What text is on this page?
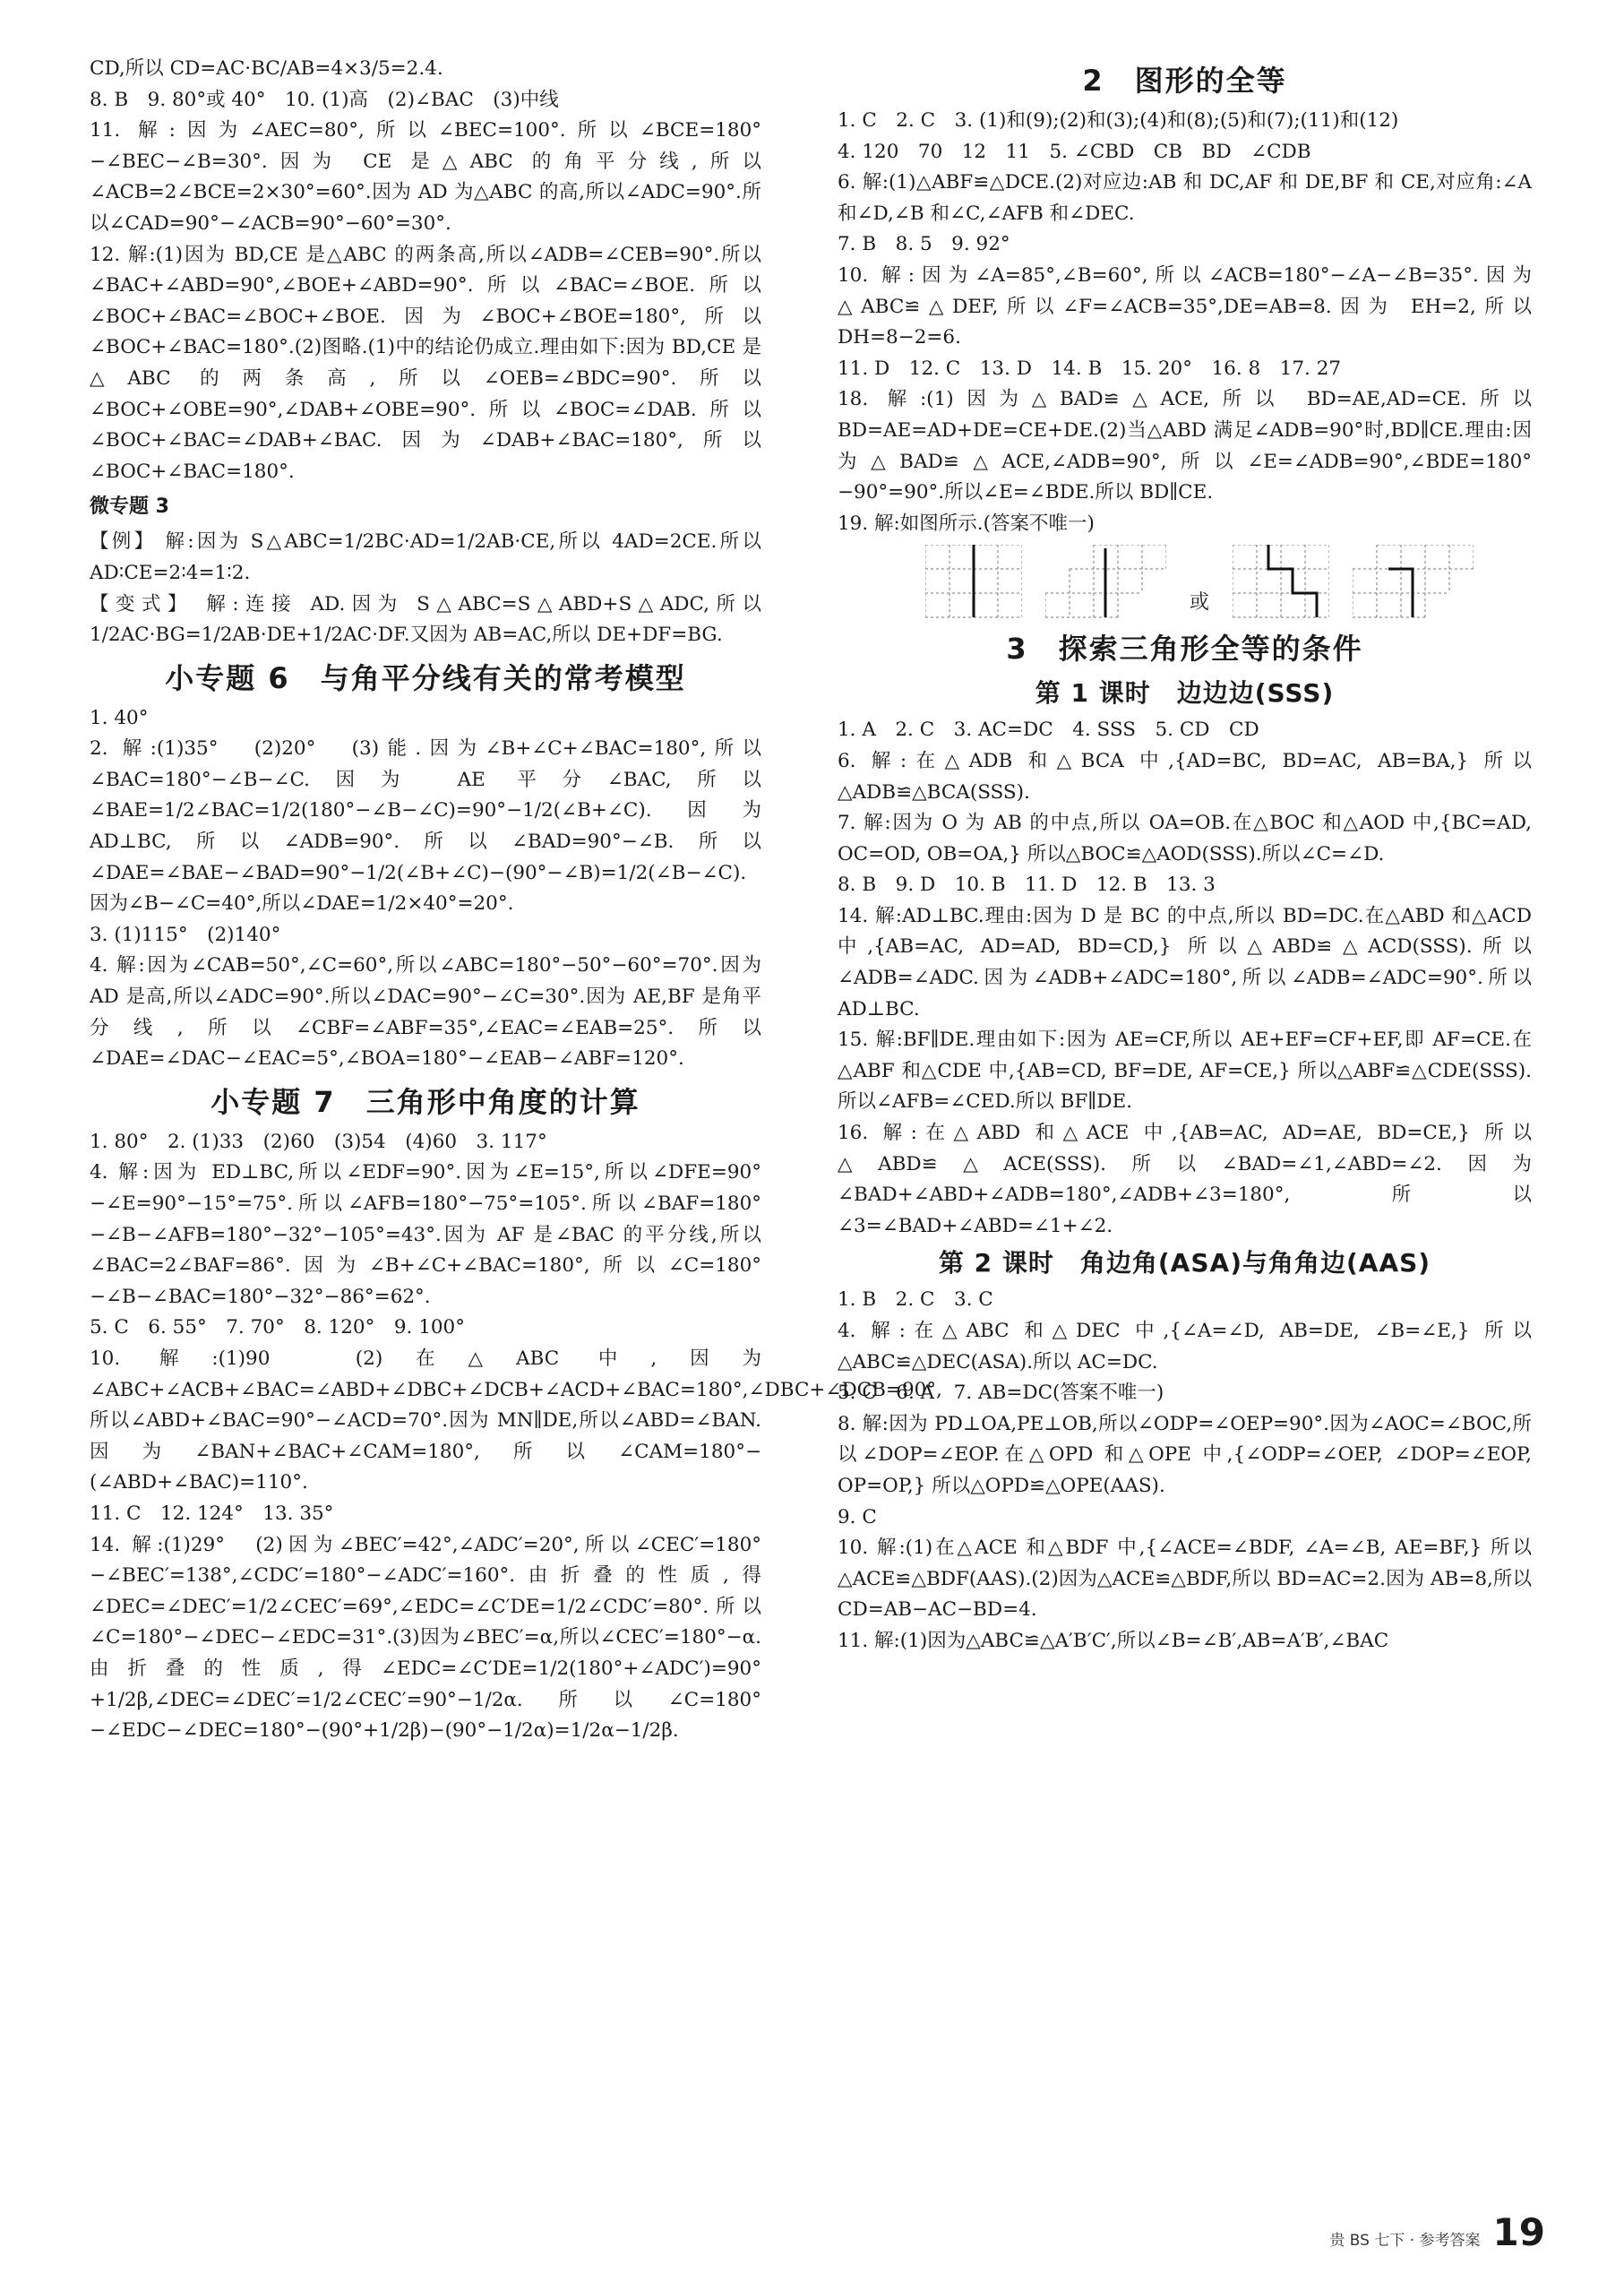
CD,所以 CD=AC·BC/AB=4×3/5=2.4.

8. B　9. 80°或 40°　10. (1)高　(2)∠BAC　(3)中线

11. 解:因为∠AEC=80°,所以∠BEC=100°.所以∠BCE=180°−∠BEC−∠B=30°.因为 CE 是△ABC 的角平分线,所以∠ACB=2∠BCE=2×30°=60°.因为 AD 为△ABC 的高,所以∠ADC=90°.所以∠CAD=90°−∠ACB=90°−60°=30°.

12. 解:(1)因为 BD,CE 是△ABC 的两条高,所以∠ADB=∠CEB=90°.所以∠BAC+∠ABD=90°,∠BOE+∠ABD=90°.所以∠BAC=∠BOE.所以∠BOC+∠BAC=∠BOC+∠BOE.因为∠BOC+∠BOE=180°,所以∠BOC+∠BAC=180°.(2)图略.(1)中的结论仍成立.理由如下:因为 BD,CE 是△ABC 的两条高,所以∠OEB=∠BDC=90°.所以∠BOC+∠OBE=90°,∠DAB+∠OBE=90°.所以∠BOC=∠DAB.所以∠BOC+∠BAC=∠DAB+∠BAC.因为∠DAB+∠BAC=180°,所以∠BOC+∠BAC=180°.

微专题 3

【例】 解:因为 S△ABC=1/2BC·AD=1/2AB·CE,所以 4AD=2CE.所以 AD∶CE=2∶4=1∶2.

【变式】 解:连接 AD.因为 S△ABC=S△ABD+S△ADC,所以 1/2AC·BG=1/2AB·DE+1/2AC·DF.又因为 AB=AC,所以 DE+DF=BG.

小专题 6　与角平分线有关的常考模型

1. 40°

2. 解:(1)35°　(2)20°　(3)能.因为∠B+∠C+∠BAC=180°,所以∠BAC=180°−∠B−∠C.因为 AE 平分∠BAC,所以∠BAE=1/2∠BAC=1/2(180°−∠B−∠C)=90°−1/2(∠B+∠C).因为 AD⊥BC,所以∠ADB=90°.所以∠BAD=90°−∠B.所以∠DAE=∠BAE−∠BAD=90°−1/2(∠B+∠C)−(90°−∠B)=1/2(∠B−∠C).因为∠B−∠C=40°,所以∠DAE=1/2×40°=20°.

3. (1)115°　(2)140°

4. 解:因为∠CAB=50°,∠C=60°,所以∠ABC=180°−50°−60°=70°.因为 AD 是高,所以∠ADC=90°.所以∠DAC=90°−∠C=30°.因为 AE,BF 是角平分线,所以∠CBF=∠ABF=35°,∠EAC=∠EAB=25°.所以∠DAE=∠DAC−∠EAC=5°,∠BOA=180°−∠EAB−∠ABF=120°.

小专题 7　三角形中角度的计算

1. 80°　2. (1)33　(2)60　(3)54　(4)60　3. 117°

4. 解:因为 ED⊥BC,所以∠EDF=90°.因为∠E=15°,所以∠DFE=90°−∠E=90°−15°=75°.所以∠AFB=180°−75°=105°.所以∠BAF=180°−∠B−∠AFB=180°−32°−105°=43°.因为 AF 是∠BAC 的平分线,所以∠BAC=2∠BAF=86°.因为∠B+∠C+∠BAC=180°,所以∠C=180°−∠B−∠BAC=180°−32°−86°=62°.

5. C　6. 55°　7. 70°　8. 120°　9. 100°

10. 解:(1)90　(2)在△ABC 中,因为∠ABC+∠ACB+∠BAC=∠ABD+∠DBC+∠DCB+∠ACD+∠BAC=180°,∠DBC+∠DCB=90°,所以∠ABD+∠BAC=90°−∠ACD=70°.因为 MN∥DE,所以∠ABD=∠BAN.因为∠BAN+∠BAC+∠CAM=180°,所以∠CAM=180°−(∠ABD+∠BAC)=110°.

11. C　12. 124°　13. 35°

14. 解:(1)29°　(2)因为∠BEC′=42°,∠ADC′=20°,所以∠CEC′=180°−∠BEC′=138°,∠CDC′=180°−∠ADC′=160°.由折叠的性质,得∠DEC=∠DEC′=1/2∠CEC′=69°,∠EDC=∠C′DE=1/2∠CDC′=80°.所以∠C=180°−∠DEC−∠EDC=31°.(3)因为∠BEC′=α,所以∠CEC′=180°−α.由折叠的性质,得∠EDC=∠C′DE=1/2(180°+∠ADC′)=90°+1/2β,∠DEC=∠DEC′=1/2∠CEC′=90°−1/2α.所以∠C=180°−∠EDC−∠DEC=180°−(90°+1/2β)−(90°−1/2α)=1/2α−1/2β.

2　图形的全等

1. C　2. C　3. (1)和(9);(2)和(3);(4)和(8);(5)和(7);(11)和(12)

4. 120　70　12　11　5. ∠CBD　CB　BD　∠CDB

6. 解:(1)△ABF≌△DCE.(2)对应边:AB 和 DC,AF 和 DE,BF 和 CE,对应角:∠A 和∠D,∠B 和∠C,∠AFB 和∠DEC.

7. B　8. 5　9. 92°

10. 解:因为∠A=85°,∠B=60°,所以∠ACB=180°−∠A−∠B=35°.因为△ABC≌△DEF,所以∠F=∠ACB=35°,DE=AB=8.因为 EH=2,所以 DH=8−2=6.

11. D　12. C　13. D　14. B　15. 20°　16. 8　17. 27

18. 解:(1)因为△BAD≌△ACE,所以 BD=AE,AD=CE.所以 BD=AE=AD+DE=CE+DE.(2)当△ABD 满足∠ADB=90°时,BD∥CE.理由:因为△BAD≌△ACE,∠ADB=90°,所以∠E=∠ADB=90°,∠BDE=180°−90°=90°.所以∠E=∠BDE.所以 BD∥CE.

19. 解:如图所示.(答案不唯一)

或
3　探索三角形全等的条件
第 1 课时　边边边(SSS)

1. A　2. C　3. AC=DC　4. SSS　5. CD　CD

6. 解:在△ADB 和△BCA 中,{AD=BC, BD=AC, AB=BA,} 所以△ADB≌△BCA(SSS).

7. 解:因为 O 为 AB 的中点,所以 OA=OB.在△BOC 和△AOD 中,{BC=AD, OC=OD, OB=OA,} 所以△BOC≌△AOD(SSS).所以∠C=∠D.

8. B　9. D　10. B　11. D　12. B　13. 3

14. 解:AD⊥BC.理由:因为 D 是 BC 的中点,所以 BD=DC.在△ABD 和△ACD 中,{AB=AC, AD=AD, BD=CD,} 所以△ABD≌△ACD(SSS).所以∠ADB=∠ADC.因为∠ADB+∠ADC=180°,所以∠ADB=∠ADC=90°.所以 AD⊥BC.

15. 解:BF∥DE.理由如下:因为 AE=CF,所以 AE+EF=CF+EF,即 AF=CE.在△ABF 和△CDE 中,{AB=CD, BF=DE, AF=CE,} 所以△ABF≌△CDE(SSS).所以∠AFB=∠CED.所以 BF∥DE.

16. 解:在△ABD 和△ACE 中,{AB=AC, AD=AE, BD=CE,} 所以△ABD≌△ACE(SSS).所以∠BAD=∠1,∠ABD=∠2.因为∠BAD+∠ABD+∠ADB=180°,∠ADB+∠3=180°,所以∠3=∠BAD+∠ABD=∠1+∠2.

第 2 课时　角边角(ASA)与角角边(AAS)

1. B　2. C　3. C

4. 解:在△ABC 和△DEC 中,{∠A=∠D, AB=DE, ∠B=∠E,} 所以△ABC≌△DEC(ASA).所以 AC=DC.

5. C　6. A　7. AB=DC(答案不唯一)

8. 解:因为 PD⊥OA,PE⊥OB,所以∠ODP=∠OEP=90°.因为∠AOC=∠BOC,所以∠DOP=∠EOP.在△OPD 和△OPE 中,{∠ODP=∠OEP, ∠DOP=∠EOP, OP=OP,} 所以△OPD≌△OPE(AAS).

9. C

10. 解:(1)在△ACE 和△BDF 中,{∠ACE=∠BDF, ∠A=∠B, AE=BF,} 所以△ACE≌△BDF(AAS).(2)因为△ACE≌△BDF,所以 BD=AC=2.因为 AB=8,所以 CD=AB−AC−BD=4.

11. 解:(1)因为△ABC≌△A′B′C′,所以∠B=∠B′,AB=A′B′,∠BAC

贵 BS 七下 · 参考答案 19
